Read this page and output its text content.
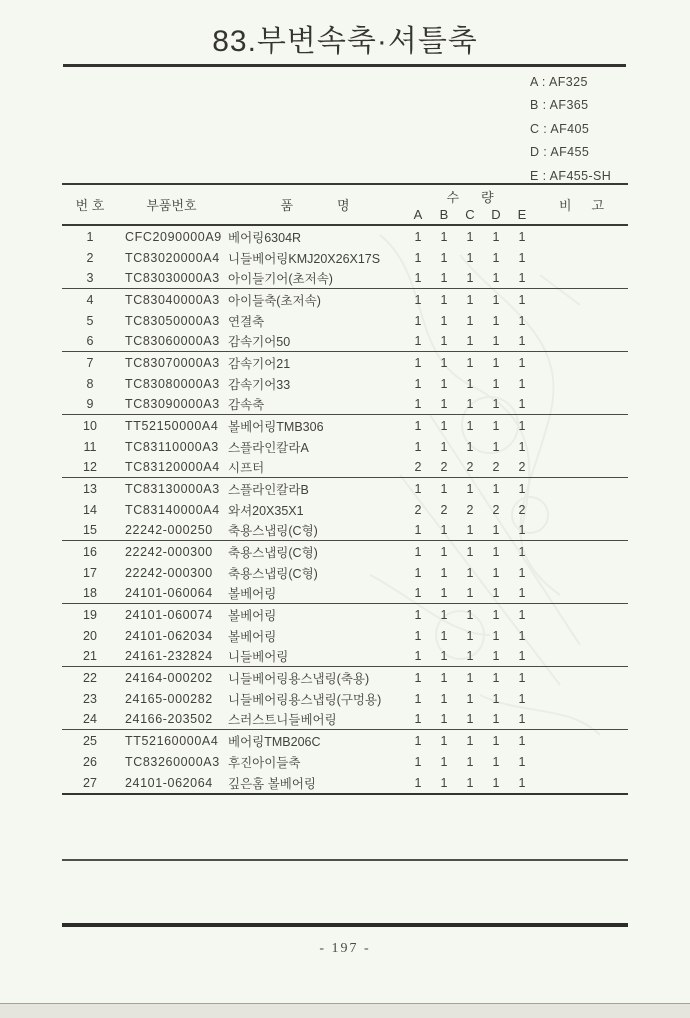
83.부변속축·셔틀축
A : AF325
B : AF365
C : AF405
D : AF455
E : AF455-SH
번 호	부품번호	품	명
수 량
A	B	C	D	E
비 고
1	CFC2090000A9 베어링6304R	1	1	1	1	1
2	TC83020000A4 니들베어링KMJ20X26X17S	1	1	1	1	1
3	TC83030000A3 아이들기어(초저속)	1	1	1	1	1
4	TC83040000A3 아이들축(초저속)	1	1	1	1	1
5	TC83050000A3 연결축	1	1	1	1	1
6	TC83060000A3 감속기어50	1	1	1	1	1
7	TC83070000A3 감속기어21	1	1	1	1	1
8	TC83080000A3 감속기어33	1	1	1	1	1
9	TC83090000A3 감속축	1	1	1	1	1
10	TT52150000A4 볼베어링TMB306	1	1	1	1	1
11	TC83110000A3 스플라인칼라A	1	1	1	1	1
12	TC83120000A4 시프터	2	2	2	2	2
13	TC83130000A3 스플라인칼라B	1	1	1	1	1
14	TC83140000A4 와셔20X35X1	2	2	2	2	2
15	22242-000250	축용스냅링(C형)	1	1	1	1	1
16	22242-000300	축용스냅링(C형)	1	1	1	1	1
17	22242-000300	축용스냅링(C형)	1	1	1	1	1
18	24101-060064	볼베어링	1	1	1	1	1
19	24101-060074	볼베어링	1	1	1	1	1
20	24101-062034	볼베어링	1	1	1	1	1
21	24161-232824	니들베어링	1	1	1	1	1
22	24164-000202	니들베어링용스냅링(축용)	1	1	1	1	1
23	24165-000282	니들베어링용스냅링(구멍용)	1	1	1	1	1
24	24166-203502	스러스트니들베어링	1	1	1	1	1
25	TT52160000A4 베어링TMB206C	1	1	1	1	1
26	TC83260000A3 후진아이들축	1	1	1	1	1
27	24101-062064	깊은홈 볼베어링	1	1	1	1	1
- 197 -
